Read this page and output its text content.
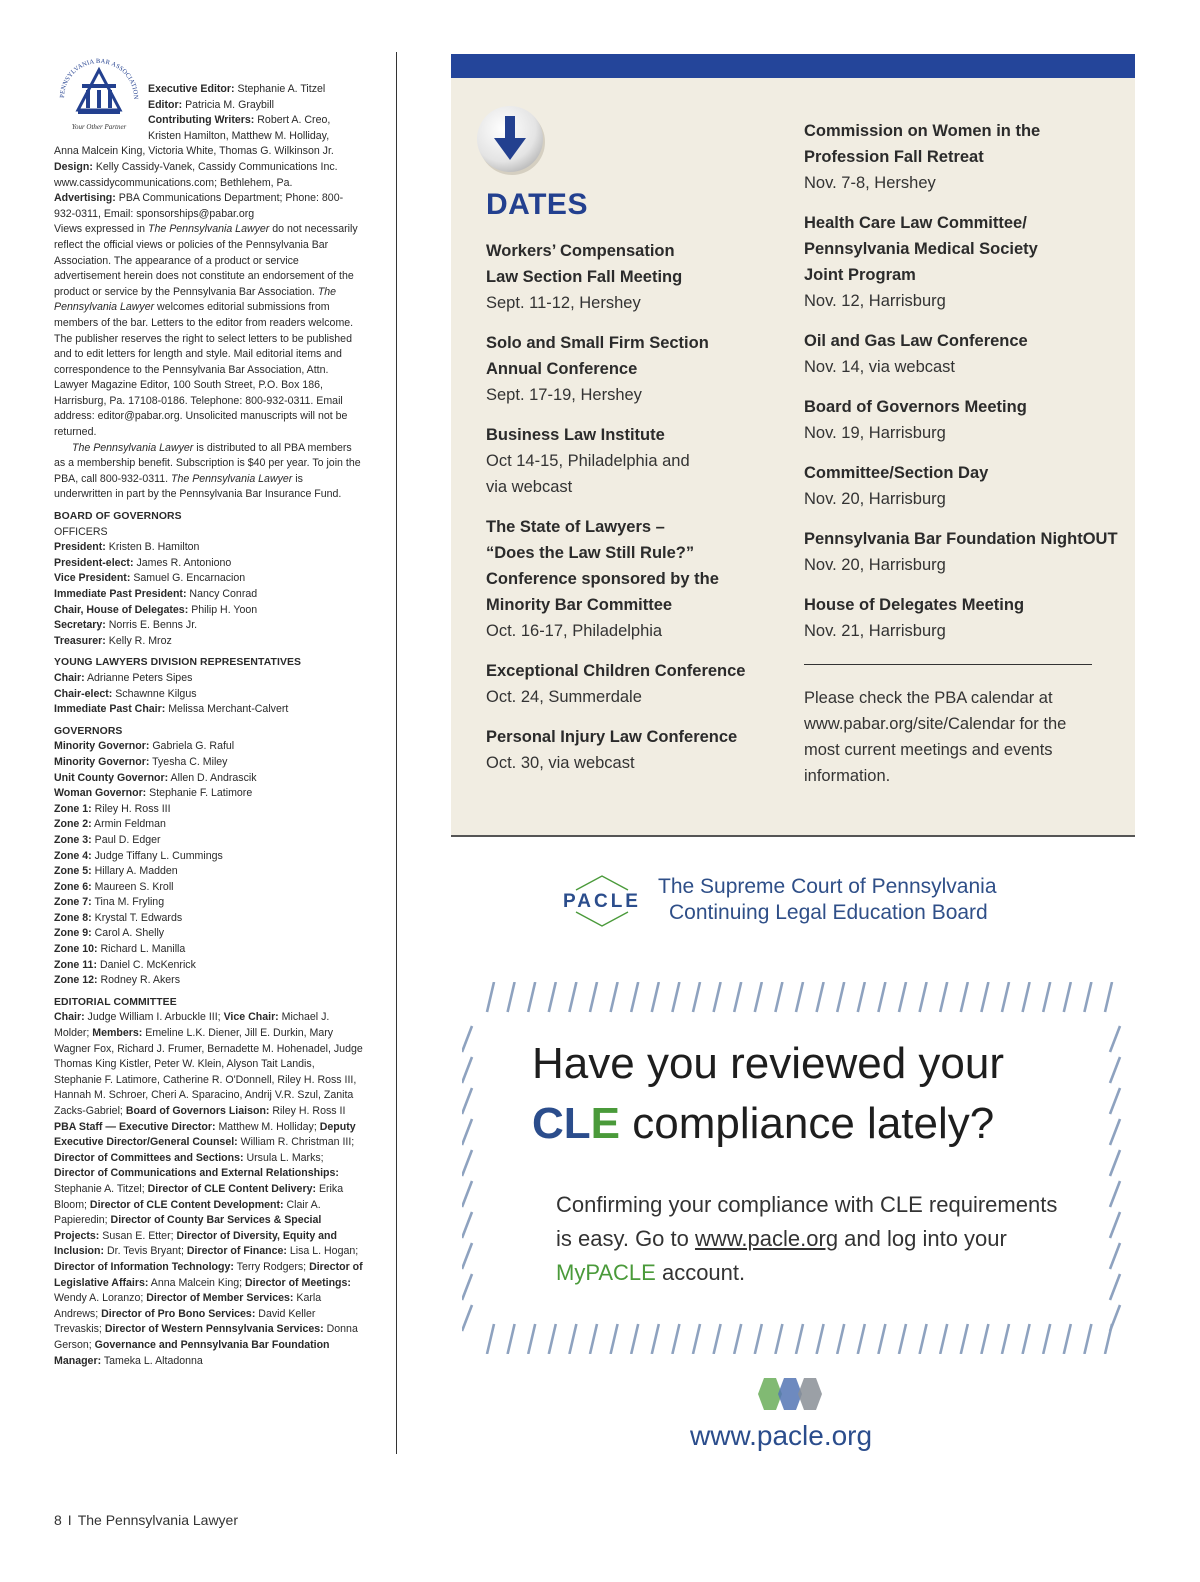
PENNSYLVANIA BAR ASSOCIATION
Your Other Partner
Executive Editor: Stephanie A. Titzel
Editor: Patricia M. Graybill
Contributing Writers: Robert A. Creo,
Kristen Hamilton, Matthew M. Holliday,
Anna Malcein King, Victoria White, Thomas G. Wilkinson Jr.

Design: Kelly Cassidy-Vanek, Cassidy Communications Inc. www.cassidycommunications.com; Bethlehem, Pa.

Advertising: PBA Communications Department; Phone: 800-932-0311, Email: sponsorships@pabar.org

Views expressed in The Pennsylvania Lawyer do not necessarily reflect the official views or policies of the Pennsylvania Bar Association. The appearance of a product or service advertisement herein does not constitute an endorsement of the product or service by the Pennsylvania Bar Association. The Pennsylvania Lawyer welcomes editorial submissions from members of the bar. Letters to the editor from readers welcome. The publisher reserves the right to select letters to be published and to edit letters for length and style. Mail editorial items and correspondence to the Pennsylvania Bar Association, Attn. Lawyer Magazine Editor, 100 South Street, P.O. Box 186, Harrisburg, Pa. 17108-0186. Telephone: 800-932-0311. Email address: editor@pabar.org. Unsolicited manuscripts will not be returned.

The Pennsylvania Lawyer is distributed to all PBA members as a membership benefit. Subscription is $40 per year. To join the PBA, call 800-932-0311. The Pennsylvania Lawyer is underwritten in part by the Pennsylvania Bar Insurance Fund.

BOARD OF GOVERNORS
OFFICERS
President: Kristen B. Hamilton
President-elect: James R. Antoniono
Vice President: Samuel G. Encarnacion
Immediate Past President: Nancy Conrad
Chair, House of Delegates: Philip H. Yoon
Secretary: Norris E. Benns Jr.
Treasurer: Kelly R. Mroz
YOUNG LAWYERS DIVISION REPRESENTATIVES
Chair: Adrianne Peters Sipes
Chair-elect: Schawnne Kilgus
Immediate Past Chair: Melissa Merchant-Calvert
GOVERNORS
Minority Governor: Gabriela G. Raful
Minority Governor: Tyesha C. Miley
Unit County Governor: Allen D. Andrascik
Woman Governor: Stephanie F. Latimore
Zone 1: Riley H. Ross III
Zone 2: Armin Feldman
Zone 3: Paul D. Edger
Zone 4: Judge Tiffany L. Cummings
Zone 5: Hillary A. Madden
Zone 6: Maureen S. Kroll
Zone 7: Tina M. Fryling
Zone 8: Krystal T. Edwards
Zone 9: Carol A. Shelly
Zone 10: Richard L. Manilla
Zone 11: Daniel C. McKenrick
Zone 12: Rodney R. Akers
EDITORIAL COMMITTEE

Chair: Judge William I. Arbuckle III; Vice Chair: Michael J. Molder; Members: Emeline L.K. Diener, Jill E. Durkin, Mary Wagner Fox, Richard J. Frumer, Bernadette M. Hohenadel, Judge Thomas King Kistler, Peter W. Klein, Alyson Tait Landis, Stephanie F. Latimore, Catherine R. O'Donnell, Riley H. Ross III, Hannah M. Schroer, Cheri A. Sparacino, Andrij V.R. Szul, Zanita Zacks-Gabriel; Board of Governors Liaison: Riley H. Ross II

PBA Staff — Executive Director: Matthew M. Holliday; Deputy Executive Director/General Counsel: William R. Christman III; Director of Committees and Sections: Ursula L. Marks; Director of Communications and External Relationships: Stephanie A. Titzel; Director of CLE Content Delivery: Erika Bloom; Director of CLE Content Development: Clair A. Papieredin; Director of County Bar Services & Special Projects: Susan E. Etter; Director of Diversity, Equity and Inclusion: Dr. Tevis Bryant; Director of Finance: Lisa L. Hogan; Director of Information Technology: Terry Rodgers; Director of Legislative Affairs: Anna Malcein King; Director of Meetings: Wendy A. Loranzo; Director of Member Services: Karla Andrews; Director of Pro Bono Services: David Keller Trevaskis; Director of Western Pennsylvania Services: Donna Gerson; Governance and Pennsylvania Bar Foundation Manager: Tameka L. Altadonna

DATES
Workers’ Compensation
Law Section Fall Meeting
Sept. 11-12, Hershey
Solo and Small Firm Section
Annual Conference
Sept. 17-19, Hershey
Business Law Institute
Oct 14-15, Philadelphia and
via webcast
The State of Lawyers –
“Does the Law Still Rule?”
Conference sponsored by the
Minority Bar Committee
Oct. 16-17, Philadelphia
Exceptional Children Conference
Oct. 24, Summerdale
Personal Injury Law Conference
Oct. 30, via webcast
Commission on Women in the
Profession Fall Retreat
Nov. 7-8, Hershey
Health Care Law Committee/
Pennsylvania Medical Society
Joint Program
Nov. 12, Harrisburg
Oil and Gas Law Conference
Nov. 14, via webcast
Board of Governors Meeting
Nov. 19, Harrisburg
Committee/Section Day
Nov. 20, Harrisburg
Pennsylvania Bar Foundation NightOUT
Nov. 20, Harrisburg
House of Delegates Meeting
Nov. 21, Harrisburg
Please check the PBA calendar at
www.pabar.org/site/Calendar for the
most current meetings and events
information.
PACLE
The Supreme Court of Pennsylvania
Continuing Legal Education Board
Have you reviewed your
CLE compliance lately?
Confirming your compliance with CLE requirements is easy. Go to www.pacle.org and log into your MyPACLE account.
www.pacle.org
8 I The Pennsylvania Lawyer
